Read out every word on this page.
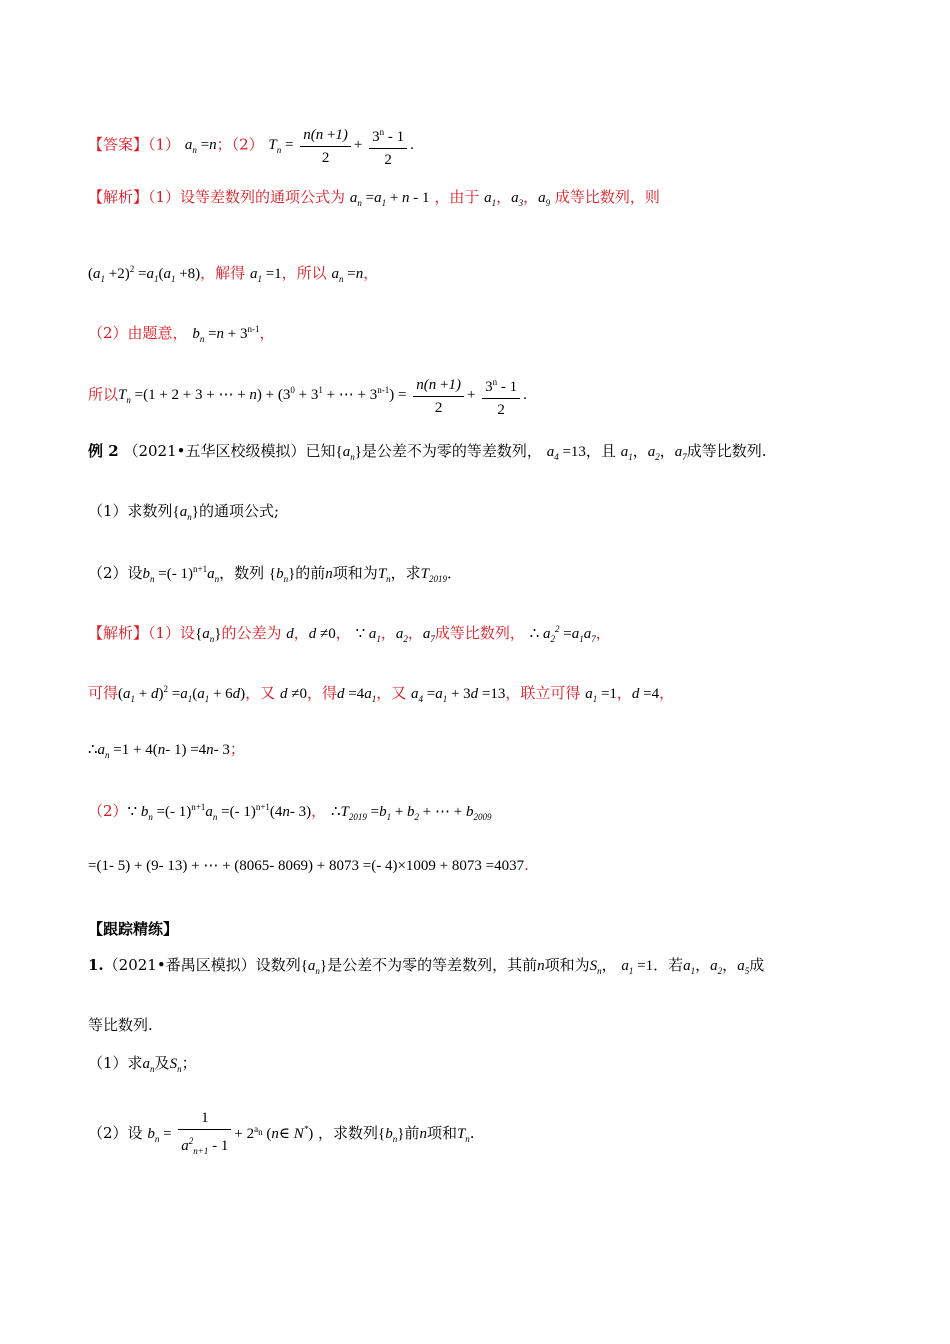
【答案】（1） $a_n =n$；（2） $T_n = \frac{n(n +1)}{2} + \frac{3^n - 1}{2}$ .
【解析】（1）设等差数列的通项公式为 $a_n =a_1 + n - 1$ ，由于 $a_1$，$a_3$，$a_9$ 成等比数列，则
$(a_1 +2)^2 =a_1(a_1 +8)$，解得 $a_1 =1$，所以 $a_n =n$，
（2）由题意， $b_n =n + 3^{n-1}$，
所以$T_n =(1 + 2 + 3$ + ⋯ + $n) + (3^0 + 3^1$ + ⋯ + $3^{n-1}) = \frac{n(n +1)}{2} + \frac{3^n - 1}{2}$ .
例 2 （2021•五华区校级模拟）已知$\{a_n\}$是公差不为零的等差数列， $a_4 =13$，且 $a_1$，$a_2$，$a_7$成等比数列.
（1）求数列$\{a_n\}$的通项公式;
（2）设$b_n$ =(- $1)^{n+1}a_n$，数列 $\{b_n\}$的前n项和为$T_n$，求$T_{2019}$．
【解析】（1）设$\{a_n\}$的公差为 d，d ≠0， ∵ $a_1$，$a_2$，$a_7$成等比数列， ∴ $a_2^2 =a_1a_7$，
可得$(a_1 + d)^2 =a_1(a_1 + 6d)$，又 d ≠0，得$d =4a_1$，又 $a_4 =a_1 + 3d =13$，联立可得 $a_1 =1$，d =4，
$\therefore a_n =1 + 4(n-$ 1) =4n- 3；
（2）∵ $b_n$ =(- $1)^{n+1}a_n$ =(- 1)$^{n+1}$(4n- 3)， $\therefore T_{2019} =b_1 + b_2$ + ⋯ + $b_{2009}$
=(1- 5) + (9- 13) + ⋯ + (8065- 8069) + 8073 =(- 4)×1009 + 8073 =4037.
【跟踪精练】
1.（2021•番禺区模拟）设数列$\{a_n\}$是公差不为零的等差数列，其前n项和为$S_n$， $a_1 =1$．若$a_1$，$a_2$，$a_5$成
等比数列.
（1）求$a_n$及$S_n$；
（2）设 $b_n = \frac{1}{a^2_{n+1} - 1} + 2^{a_n}$ (n∈ N*) ，求数列$\{b_n\}$前n项和$T_n$.
